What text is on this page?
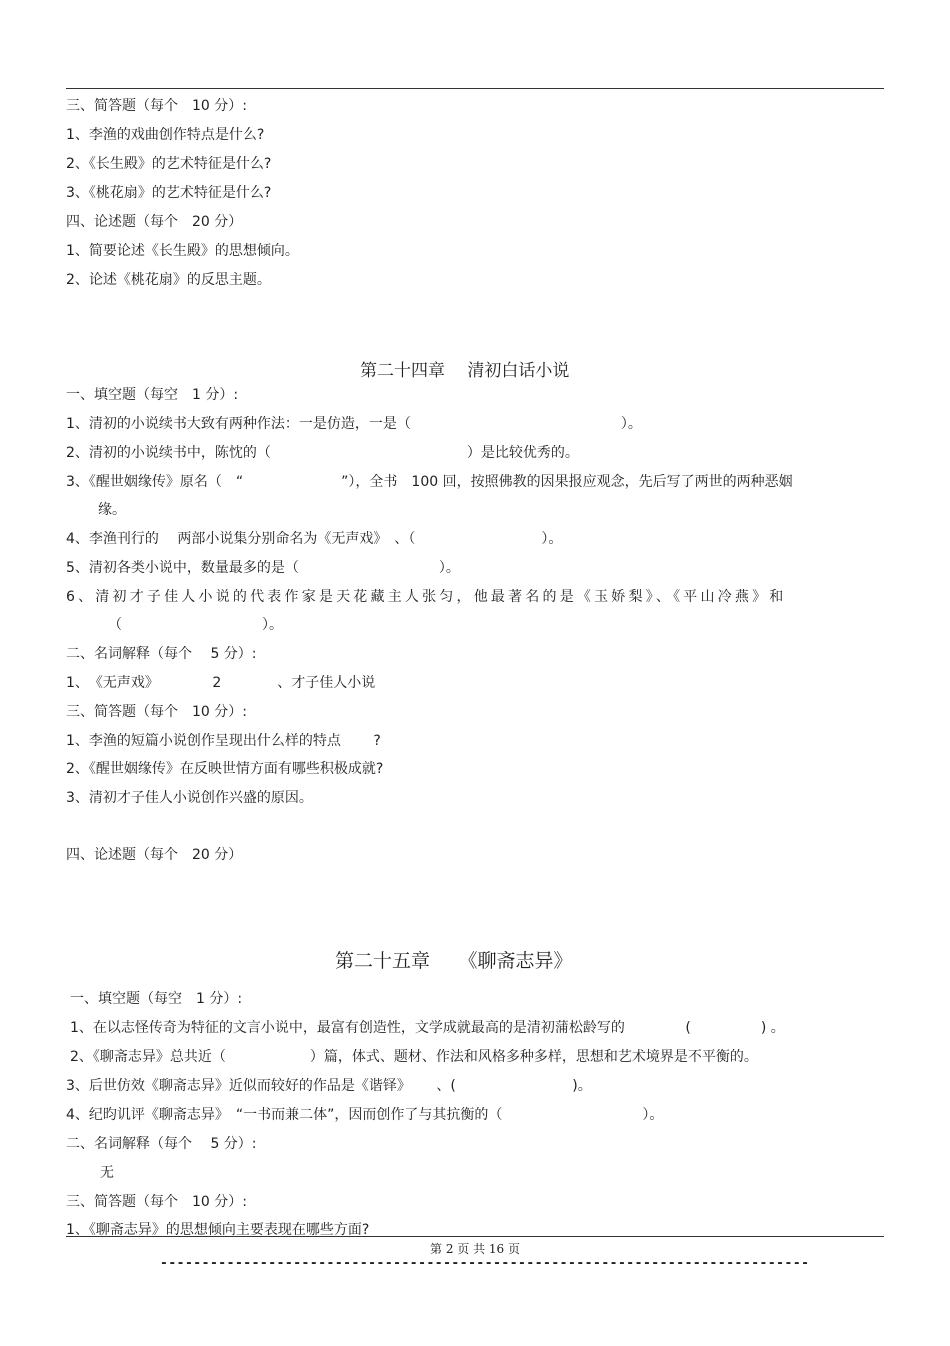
三、简答题（每个　10 分）:
1、李渔的戏曲创作特点是什么?
2、《长生殿》的艺术特征是什么?
3、《桃花扇》的艺术特征是什么?
四、论述题（每个　20 分）
1、简要论述《长生殿》的思想倾向。
2、论述《桃花扇》的反思主题。
第二十四章　 清初白话小说
一、填空题（每空　1 分）:
1、清初的小说续书大致有两种作法：一是仿造，一是（　　　　　　　　　　　　　　　）。
2、清初的小说续书中，陈忱的（　　　　　　　　　　　　　　）是比较优秀的。
3、《醒世姻缘传》原名（　“　　　　　　　”），全书　100 回，按照佛教的因果报应观念，先后写了两世的两种恶姻
缘。
4、李渔刊行的　 两部小说集分别命名为《无声戏》　、（　　　　　　　　　）。
5、清初各类小说中，数量最多的是（　　　　　　　　　　）。
6、清初才子佳人小说的代表作家是天花藏主人张匀，他最著名的是《玉娇梨》、《平山冷燕》和
（　　　　　　　　　　）。
二、名词解释（每个　 5 分）:
1、　《无声戏》　　　　 2　　　　、才子佳人小说
三、简答题（每个　10 分）:
1、李渔的短篇小说创作呈现出什么样的特点　　 ?
2、《醒世姻缘传》在反映世情方面有哪些积极成就?
3、清初才子佳人小说创作兴盛的原因。
四、论述题（每个　20 分）
第二十五章　　《聊斋志异》
一、填空题（每空　1 分）:
1、在以志怪传奇为特征的文言小说中，最富有创造性，文学成就最高的是清初蒲松龄写的　　　　 (　　　　　) 。
2、《聊斋志异》总共近（　　　　　　）篇，体式、题材、作法和风格多种多样，思想和艺术境界是不平衡的。
3、后世仿效《聊斋志异》近似而较好的作品是《谐铎》　　 、(　　　　　　　　 )。
4、纪昀讥评《聊斋志异》　“一书而兼二体”，因而创作了与其抗衡的（　　　　　　　　　　）。
二、名词解释（每个　 5 分）:
无
三、简答题（每个　10 分）:
1、《聊斋志异》的思想倾向主要表现在哪些方面?
第 2 页 共 16 页
------------------------------------------------------------------------------
